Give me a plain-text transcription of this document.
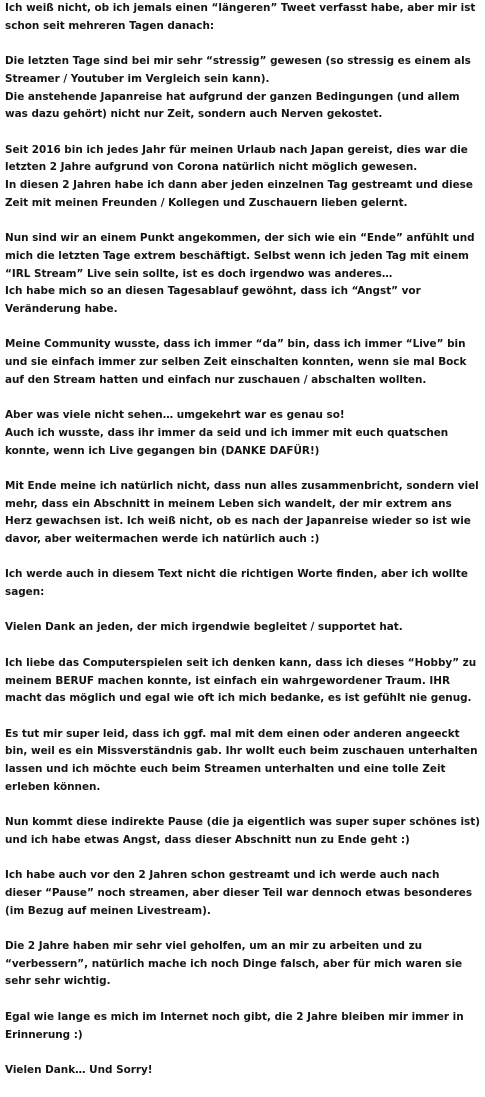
Ich weiß nicht, ob ich jemals einen “längeren” Tweet verfasst habe, aber mir ist
schon seit mehreren Tagen danach:

Die letzten Tage sind bei mir sehr “stressig” gewesen (so stressig es einem als
Streamer / Youtuber im Vergleich sein kann).
Die anstehende Japanreise hat aufgrund der ganzen Bedingungen (und allem
was dazu gehört) nicht nur Zeit, sondern auch Nerven gekostet.

Seit 2016 bin ich jedes Jahr für meinen Urlaub nach Japan gereist, dies war die
letzten 2 Jahre aufgrund von Corona natürlich nicht möglich gewesen.
In diesen 2 Jahren habe ich dann aber jeden einzelnen Tag gestreamt und diese
Zeit mit meinen Freunden / Kollegen und Zuschauern lieben gelernt.

Nun sind wir an einem Punkt angekommen, der sich wie ein “Ende” anfühlt und
mich die letzten Tage extrem beschäftigt. Selbst wenn ich jeden Tag mit einem
“IRL Stream” Live sein sollte, ist es doch irgendwo was anderes…
Ich habe mich so an diesen Tagesablauf gewöhnt, dass ich “Angst” vor
Veränderung habe.

Meine Community wusste, dass ich immer “da” bin, dass ich immer “Live” bin
und sie einfach immer zur selben Zeit einschalten konnten, wenn sie mal Bock
auf den Stream hatten und einfach nur zuschauen / abschalten wollten.

Aber was viele nicht sehen… umgekehrt war es genau so!
Auch ich wusste, dass ihr immer da seid und ich immer mit euch quatschen
konnte, wenn ich Live gegangen bin (DANKE DAFÜR!)

Mit Ende meine ich natürlich nicht, dass nun alles zusammenbricht, sondern viel
mehr, dass ein Abschnitt in meinem Leben sich wandelt, der mir extrem ans
Herz gewachsen ist. Ich weiß nicht, ob es nach der Japanreise wieder so ist wie
davor, aber weitermachen werde ich natürlich auch :)

Ich werde auch in diesem Text nicht die richtigen Worte finden, aber ich wollte
sagen:

Vielen Dank an jeden, der mich irgendwie begleitet / supportet hat.

Ich liebe das Computerspielen seit ich denken kann, dass ich dieses “Hobby” zu
meinem BERUF machen konnte, ist einfach ein wahrgewordener Traum. IHR
macht das möglich und egal wie oft ich mich bedanke, es ist gefühlt nie genug.

Es tut mir super leid, dass ich ggf. mal mit dem einen oder anderen angeeckt
bin, weil es ein Missverständnis gab. Ihr wollt euch beim zuschauen unterhalten
lassen und ich möchte euch beim Streamen unterhalten und eine tolle Zeit
erleben können.

Nun kommt diese indirekte Pause (die ja eigentlich was super super schönes ist)
und ich habe etwas Angst, dass dieser Abschnitt nun zu Ende geht :)

Ich habe auch vor den 2 Jahren schon gestreamt und ich werde auch nach
dieser “Pause” noch streamen, aber dieser Teil war dennoch etwas besonderes
(im Bezug auf meinen Livestream).

Die 2 Jahre haben mir sehr viel geholfen, um an mir zu arbeiten und zu
“verbessern”, natürlich mache ich noch Dinge falsch, aber für mich waren sie
sehr sehr wichtig.

Egal wie lange es mich im Internet noch gibt, die 2 Jahre bleiben mir immer in
Erinnerung :)

Vielen Dank… Und Sorry!
